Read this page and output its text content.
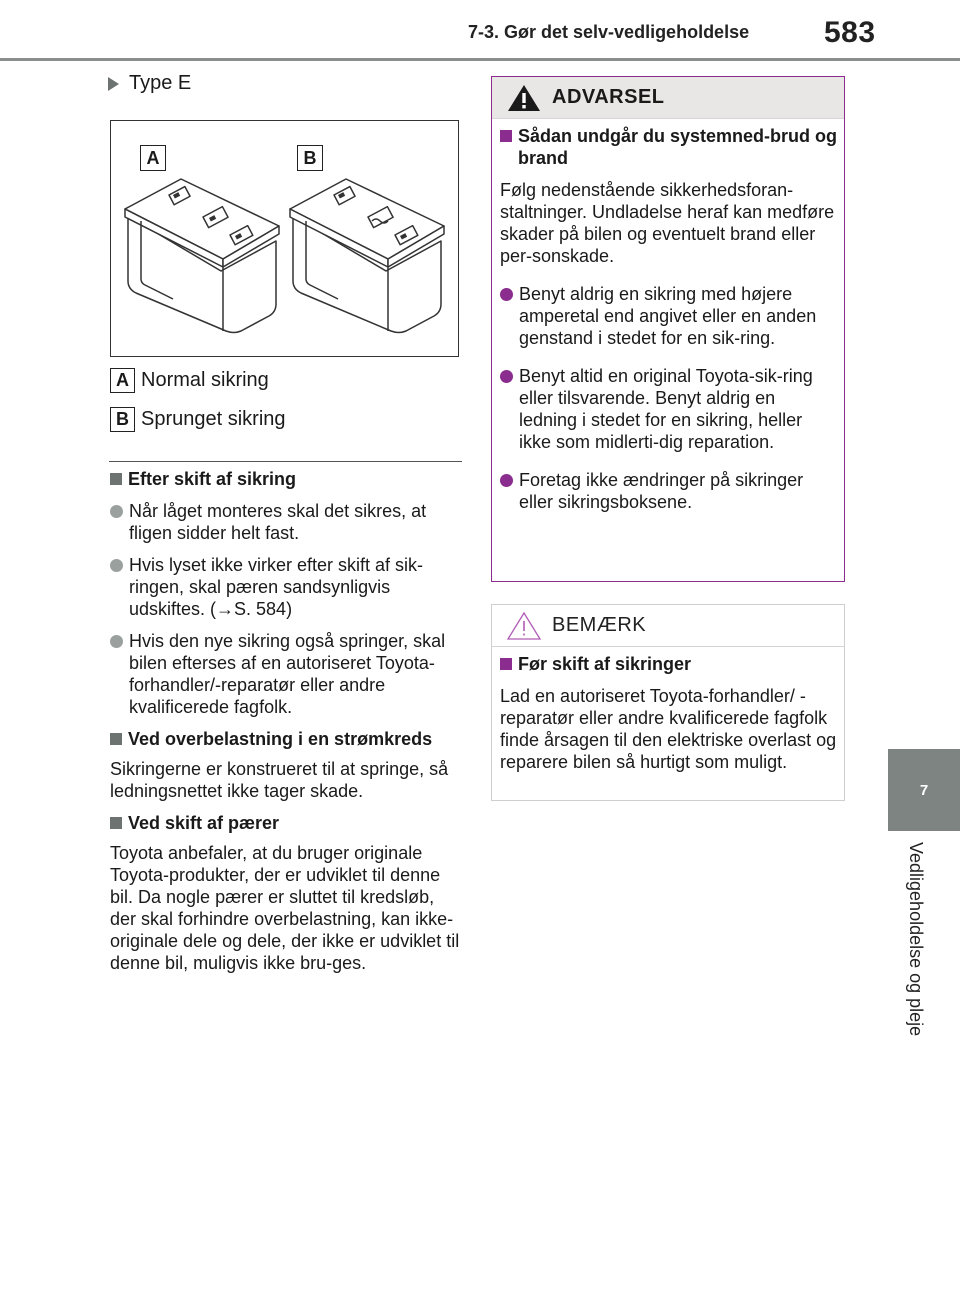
7-3. Gør det selv-vedligeholdelse 583
7
Vedligeholdelse og pleje
Type E
A	B
A Normal sikring
B Sprunget sikring
Efter skift af sikring
Når låget monteres skal det sikres, at fligen sidder helt fast.
Hvis lyset ikke virker efter skift af sik-ringen, skal pæren sandsynligvis udskiftes. (→S. 584)
Hvis den nye sikring også springer, skal bilen efterses af en autoriseret Toyota-forhandler/-reparatør eller andre kvalificerede fagfolk.
Ved overbelastning i en strømkreds
Sikringerne er konstrueret til at springe, så ledningsnettet ikke tager skade.
Ved skift af pærer
Toyota anbefaler, at du bruger originale Toyota-produkter, der er udviklet til denne bil. Da nogle pærer er sluttet til kredsløb, der skal forhindre overbelastning, kan ikke-originale dele og dele, der ikke er udviklet til denne bil, muligvis ikke bru-ges.
ADVARSEL
Sådan undgår du systemned-brud og brand
Følg nedenstående sikkerhedsforan-staltninger. Undladelse heraf kan medføre skader på bilen og eventuelt brand eller per-sonskade.
Benyt aldrig en sikring med højere amperetal end angivet eller en anden genstand i stedet for en sik-ring.
Benyt altid en original Toyota-sik-ring eller tilsvarende. Benyt aldrig en ledning i stedet for en sikring, heller ikke som midlerti-dig reparation.
Foretag ikke ændringer på sikringer eller sikringsboksene.
BEMÆRK
Før skift af sikringer
Lad en autoriseret Toyota-forhandler/ -reparatør eller andre kvalificerede fagfolk finde årsagen til den elektriske overlast og reparere bilen så hurtigt som muligt.
